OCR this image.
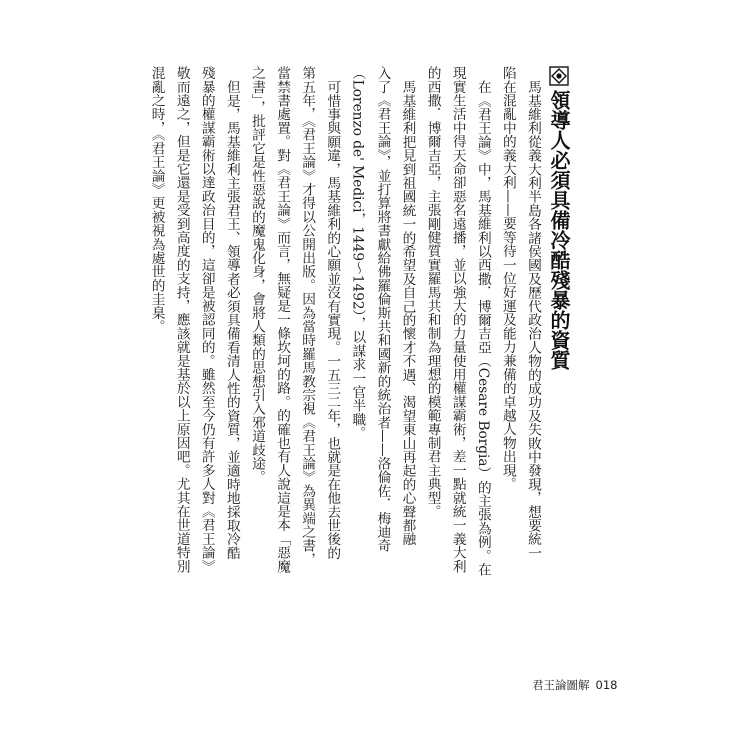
領導人必須具備冷酷殘暴的資質

馬基維利從義大利半島各諸侯國及歷代政治人物的成功及失敗中發現，想要統一

陷在混亂中的義大利——要等待一位好運及能力兼備的卓越人物出現。

在《君王論》中，馬基維利以西撒．博爾吉亞（Cesare Borgia）的主張為例。在

現實生活中得天命卻惡名遠播，並以強大的力量使用權謀霸術，差一點就統一義大利

的西撒．博爾吉亞，主張剛健質實羅馬共和制為理想的模範專制君主典型。

馬基維利把見到祖國統一的希望及自己的懷才不遇、渴望東山再起的心聲都融

入了《君王論》，並打算將書獻給佛羅倫斯共和國新的統治者——洛倫佐．梅迪奇

（Lorenzo de' Medici，1449～1492），以謀求一官半職。

可惜事與願違，馬基維利的心願並沒有實現。一五三二年，也就是在他去世後的

第五年，《君王論》才得以公開出版。因為當時羅馬教宗視《君王論》為異端之書，

當禁書處置。對《君王論》而言，無疑是一條坎坷的路。的確也有人說這是本「惡魔

之書」，批評它是性惡說的魔鬼化身，會將人類的思想引入邪道歧途。

但是，馬基維利主張君王、領導者必須具備看清人性的資質，並適時地採取冷酷

殘暴的權謀霸術以達政治目的，這卻是被認同的。雖然至今仍有許多人對《君王論》

敬而遠之，但是它還是受到高度的支持，應該就是基於以上原因吧。尤其在世道特別

混亂之時，《君王論》更被視為處世的圭臬。

君王論圖解 018
